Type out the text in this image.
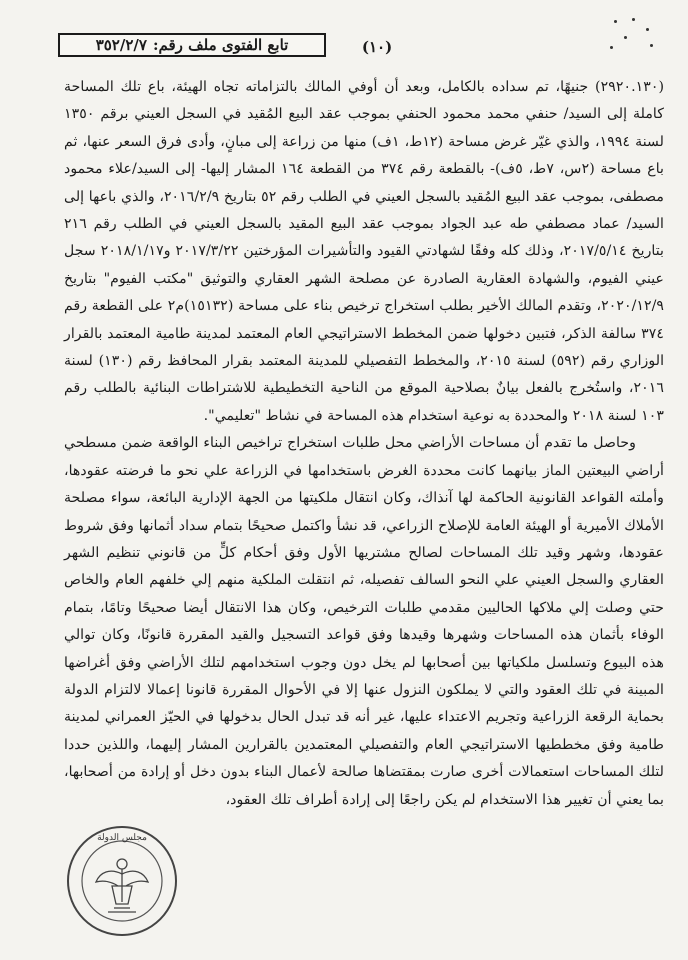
تابع الفتوى ملف رقم:
٣٥٢/٢/٧	(١٠)

(٢٩٢٠.١٣٠) جنيهًا، تم سداده بالكامل، وبعد أن أوفي المالك بالتزاماته تجاه الهيئة، باع تلك المساحة كاملة إلى السيد/ حنفي محمد محمود الحنفي بموجب عقد البيع المُقيد في السجل العيني برقم ١٣٥٠ لسنة ١٩٩٤، والذي غيّر غرض مساحة (١٢ط، ١ف) منها من زراعة إلى مبانٍ، وأدى فرق السعر عنها، ثم باع مساحة (٢س، ٧ط، ٥ف)- بالقطعة رقم ٣٧٤ من القطعة ١٦٤ المشار إليها- إلى السيد/علاء محمود مصطفى، بموجب عقد البيع المُقيد بالسجل العيني في الطلب رقم ٥٢ بتاريخ ٢٠١٦/٢/٩، والذي باعها إلى السيد/ عماد مصطفي طه عبد الجواد بموجب عقد البيع المقيد بالسجل العيني في الطلب رقم ٢١٦ بتاريخ ٢٠١٧/٥/١٤، وذلك كله وفقًا لشهادتي القيود والتأشيرات المؤرختين ٢٠١٧/٣/٢٢ و٢٠١٨/١/١٧ سجل عيني الفيوم، والشهادة العقارية الصادرة عن مصلحة الشهر العقاري والتوثيق "مكتب الفيوم" بتاريخ ٢٠٢٠/١٢/٩، وتقدم المالك الأخير بطلب استخراج ترخيص بناء على مساحة (١٥١٣٢)م٢ على القطعة رقم ٣٧٤ سالفة الذكر، فتبين دخولها ضمن المخطط الاستراتيجي العام المعتمد لمدينة طامية المعتمد بالقرار الوزاري رقم (٥٩٢) لسنة ٢٠١٥، والمخطط التفصيلي للمدينة المعتمد بقرار المحافظ رقم (١٣٠) لسنة ٢٠١٦، واستُخرج بالفعل بيانٌ بصلاحية الموقع من الناحية التخطيطية للاشتراطات البنائية بالطلب رقم ١٠٣ لسنة ٢٠١٨ والمحددة به نوعية استخدام هذه المساحة في نشاط "تعليمي".

وحاصل ما تقدم أن مساحات الأراضي محل طلبات استخراج تراخيص البناء الواقعة ضمن مسطحي أراضي البيعتين الماز بيانهما كانت محددة الغرض باستخدامها في الزراعة علي نحو ما فرضته عقودها، وأملته القواعد القانونية الحاكمة لها آنذاك، وكان انتقال ملكيتها من الجهة الإدارية البائعة، سواء مصلحة الأملاك الأميرية أو الهيئة العامة للإصلاح الزراعي، قد نشأ واكتمل صحيحًا بتمام سداد أثمانها وفق شروط عقودها، وشهر وقيد تلك المساحات لصالح مشتريها الأول وفق أحكام كلٍّ من قانوني تنظيم الشهر العقاري والسجل العيني علي النحو السالف تفصيله، ثم انتقلت الملكية منهم إلي خلفهم العام والخاص حتي وصلت إلي ملاكها الحاليين مقدمي طلبات الترخيص، وكان هذا الانتقال أيضا صحيحًا وتامًا، بتمام الوفاء بأثمان هذه المساحات وشهرها وقيدها وفق قواعد التسجيل والقيد المقررة قانونًا، وكان توالي هذه البيوع وتسلسل ملكياتها بين أصحابها لم يخل دون وجوب استخدامهم لتلك الأراضي وفق أغراضها المبينة في تلك العقود والتي لا يملكون النزول عنها إلا في الأحوال المقررة قانونا إعمالا لالتزام الدولة بحماية الرقعة الزراعية وتجريم الاعتداء عليها، غير أنه قد تبدل الحال بدخولها في الحيّز العمراني لمدينة طامية وفق مخططيها الاستراتيجي العام والتفصيلي المعتمدين بالقرارين المشار إليهما، واللذين حددا لتلك المساحات استعمالات أخرى صارت بمقتضاها صالحة لأعمال البناء بدون دخل أو إرادة من أصحابها، بما يعني أن تغيير هذا الاستخدام لم يكن راجعًا إلى إرادة أطراف تلك العقود،

مجلس الدولة
